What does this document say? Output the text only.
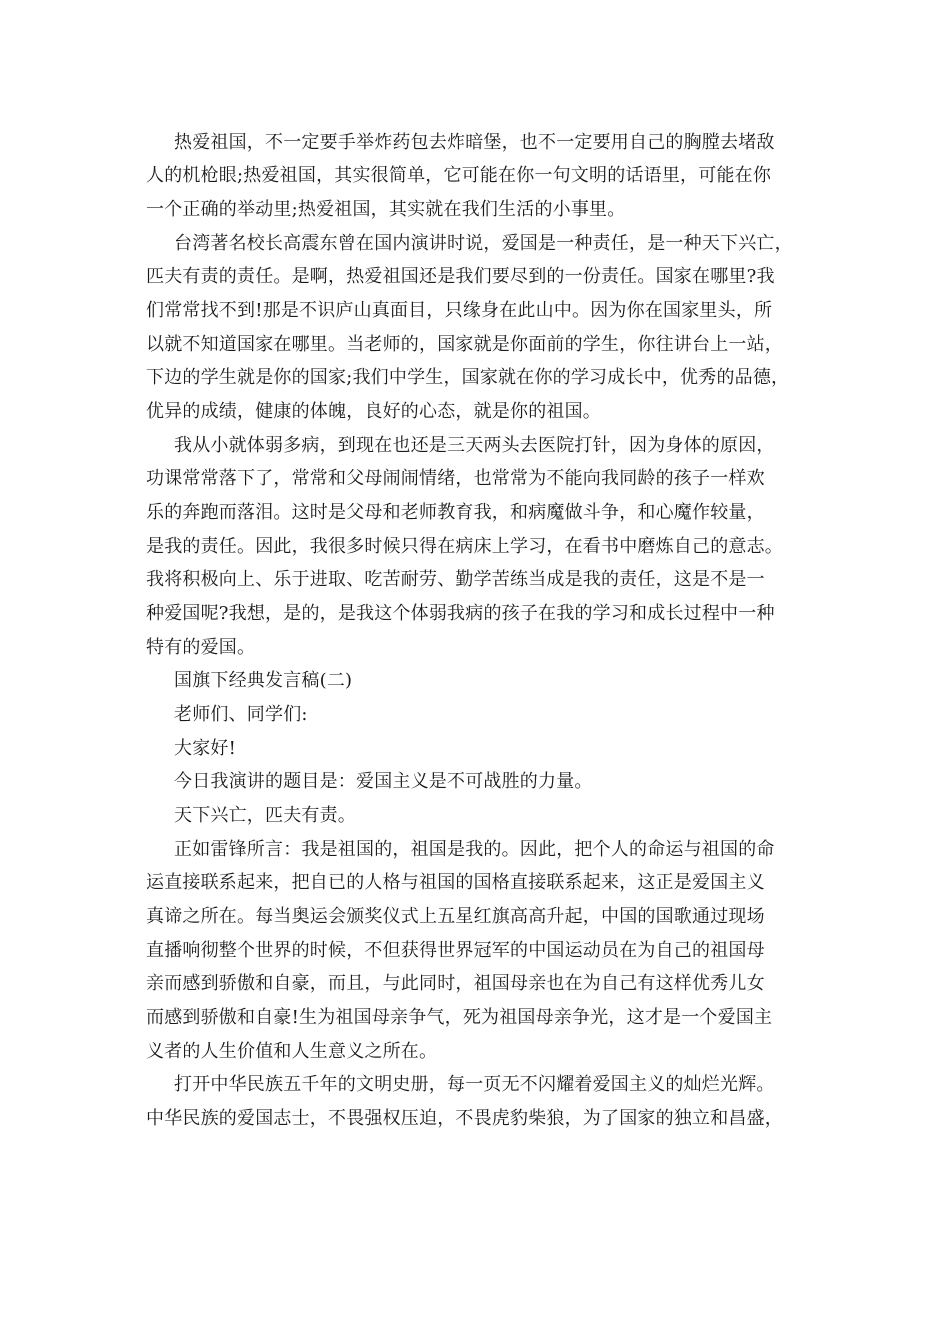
热爱祖国，不一定要手举炸药包去炸暗堡，也不一定要用自己的胸膛去堵敌
人的机枪眼;热爱祖国，其实很简单，它可能在你一句文明的话语里，可能在你
一个正确的举动里;热爱祖国，其实就在我们生活的小事里。
台湾著名校长高震东曾在国内演讲时说，爱国是一种责任，是一种天下兴亡，
匹夫有责的责任。是啊，热爱祖国还是我们要尽到的一份责任。国家在哪里?我
们常常找不到!那是不识庐山真面目，只缘身在此山中。因为你在国家里头，所
以就不知道国家在哪里。当老师的，国家就是你面前的学生，你往讲台上一站，
下边的学生就是你的国家;我们中学生，国家就在你的学习成长中，优秀的品德，
优异的成绩，健康的体魄，良好的心态，就是你的祖国。
我从小就体弱多病，到现在也还是三天两头去医院打针，因为身体的原因，
功课常常落下了，常常和父母闹闹情绪，也常常为不能向我同龄的孩子一样欢
乐的奔跑而落泪。这时是父母和老师教育我，和病魔做斗争，和心魔作较量，
是我的责任。因此，我很多时候只得在病床上学习，在看书中磨炼自己的意志。
我将积极向上、乐于进取、吃苦耐劳、勤学苦练当成是我的责任，这是不是一
种爱国呢?我想，是的，是我这个体弱我病的孩子在我的学习和成长过程中一种
特有的爱国。
国旗下经典发言稿(二)
老师们、同学们:
大家好!
今日我演讲的题目是：爱国主义是不可战胜的力量。
天下兴亡，匹夫有责。
正如雷锋所言：我是祖国的，祖国是我的。因此，把个人的命运与祖国的命
运直接联系起来，把自已的人格与祖国的国格直接联系起来，这正是爱国主义
真谛之所在。每当奥运会颁奖仪式上五星红旗高高升起，中国的国歌通过现场
直播响彻整个世界的时候，不但获得世界冠军的中国运动员在为自己的祖国母
亲而感到骄傲和自豪，而且，与此同时，祖国母亲也在为自己有这样优秀儿女
而感到骄傲和自豪!生为祖国母亲争气，死为祖国母亲争光，这才是一个爱国主
义者的人生价值和人生意义之所在。
打开中华民族五千年的文明史册，每一页无不闪耀着爱国主义的灿烂光辉。
中华民族的爱国志士，不畏强权压迫，不畏虎豹柴狼，为了国家的独立和昌盛，
